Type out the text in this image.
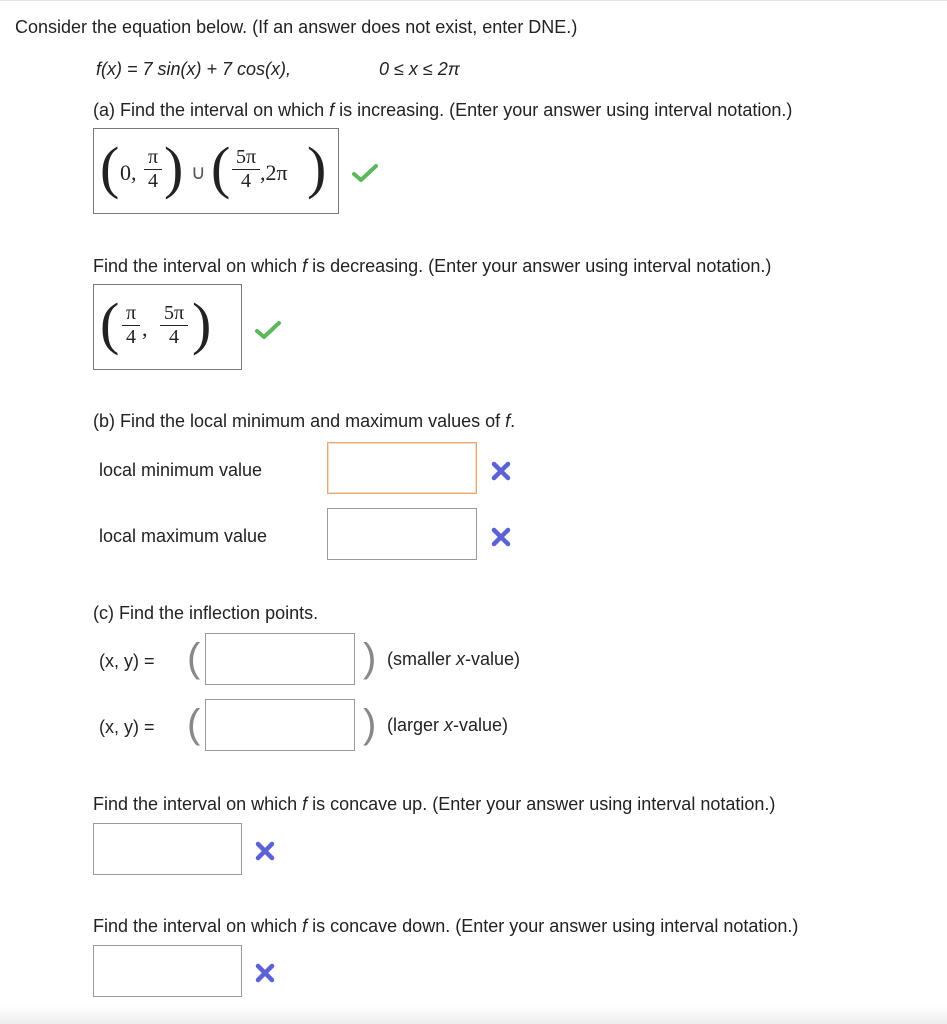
Consider the equation below. (If an answer does not exist, enter DNE.)
f(x) = 7 sin(x) + 7 cos(x),	0 ≤ x ≤ 2π
(a) Find the interval on which f is increasing. (Enter your answer using interval notation.)
( 0,
π
4 ) ∪ ( 5π
4 ,2π )
Find the interval on which f is decreasing. (Enter your answer using interval notation.)
( π
4 ,
5π
4 )
(b) Find the local minimum and maximum values of f.
local minimum value
local maximum value
(c) Find the inflection points.
(x, y) = (	) (smaller x-value)
(x, y) = (	) (larger x-value)
Find the interval on which f is concave up. (Enter your answer using interval notation.)
Find the interval on which f is concave down. (Enter your answer using interval notation.)
